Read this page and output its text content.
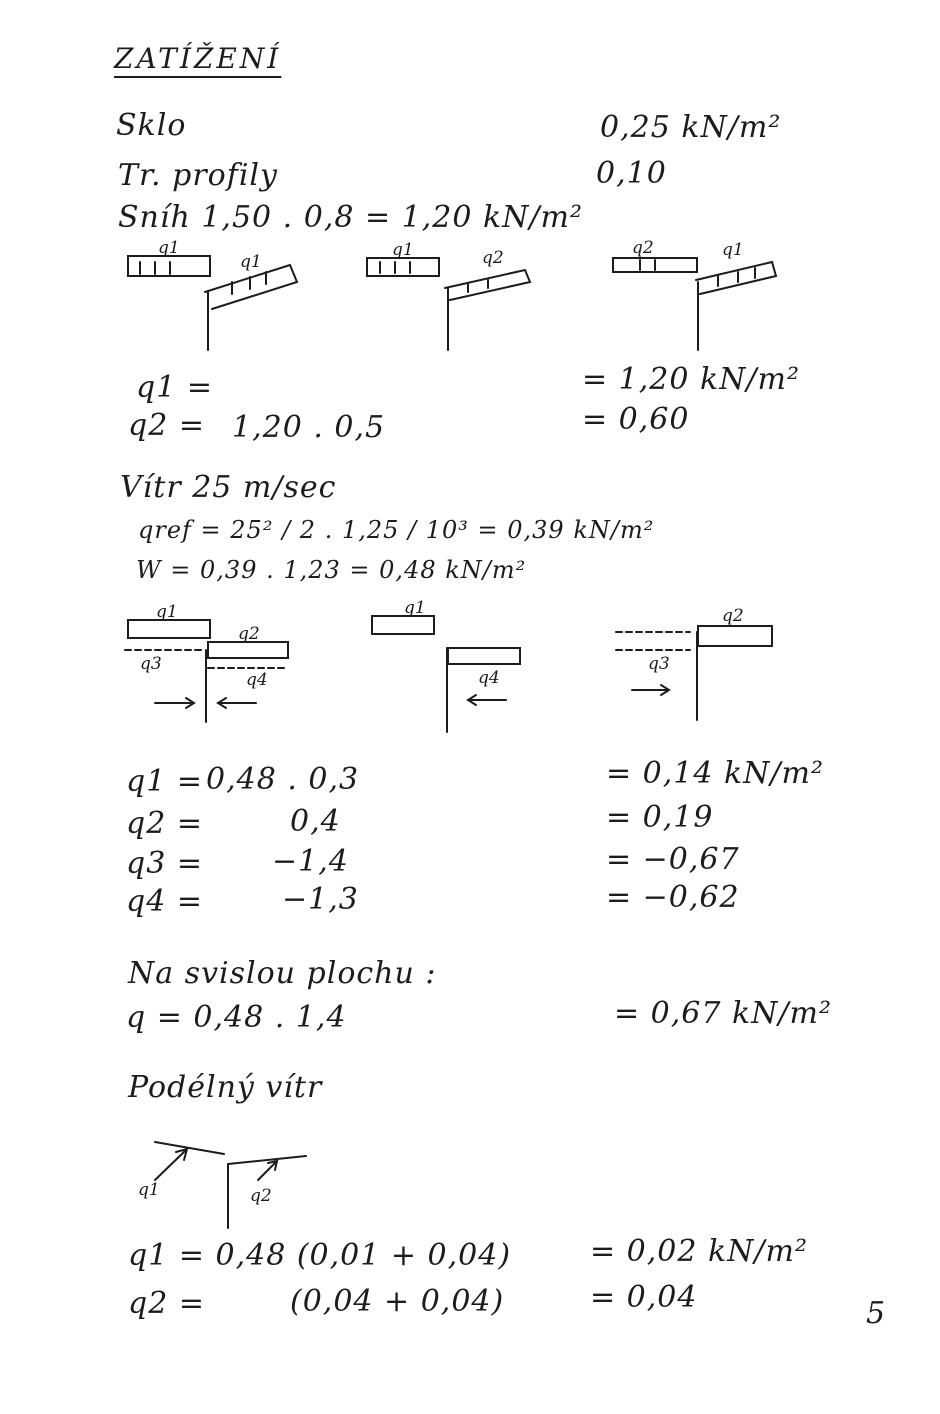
ZATÍŽENÍ
Sklo	0,25 kN/m²
Tr. profily	0,10
Sníh 1,50 . 0,8 = 1,20 kN/m²
q1
q1
q1	q2	q2	q1
q1 =	= 1,20 kN/m²
q2 = 1,20 . 0,5	= 0,60
Vítr 25 m/sec
qref = 25² / 2 . 1,25 / 10³ = 0,39 kN/m²
W = 0,39 . 1,23 = 0,48 kN/m²
q1
q3
q2
q4
q1
q4
q3
q2
q1 = 0,48 . 0,3	= 0,14 kN/m²
q2 =	0,4	= 0,19
q3 = −1,4	= −0,67
q4 =	−1,3	= −0,62
Na svislou plochu :
q = 0,48 . 1,4	= 0,67 kN/m²
Podélný vítr
q1	q2
q1 = 0,48 (0,01 + 0,04)	= 0,02 kN/m²
q2 =	(0,04 + 0,04)	= 0,04	5
